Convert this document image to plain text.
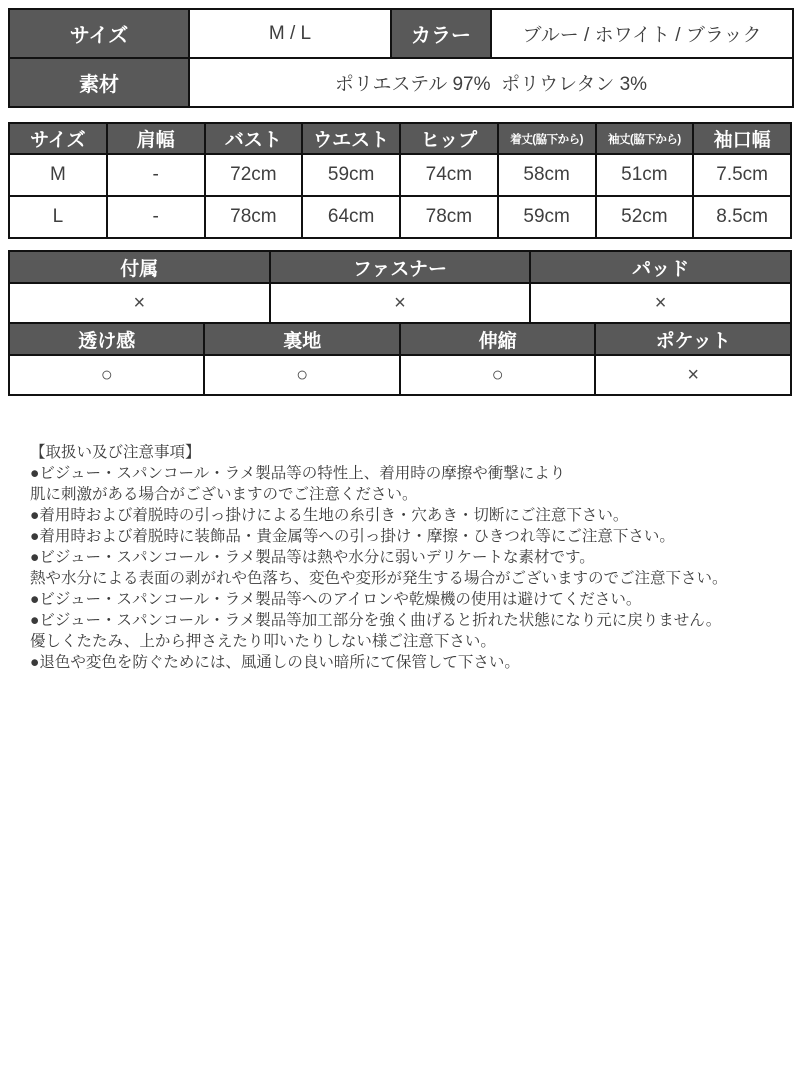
サイズ	M / L	カラー	ブルー / ホワイト / ブラック
素材	ポリエステル 97%  ポリウレタン 3%		
サイズ	肩幅	バスト	ウエスト	ヒップ	着丈(脇下から)	袖丈(脇下から)	袖口幅
M	-	72cm	59cm	74cm	58cm	51cm	7.5cm
L	-	78cm	64cm	78cm	59cm	52cm	8.5cm
付属		ファスナー		パッド	
×		×		×	
透け感	裏地		伸縮		ポケット
○	○		○		×
【取扱い及び注意事項】
●ビジュー・スパンコール・ラメ製品等の特性上、着用時の摩擦や衝撃により
肌に刺激がある場合がございますのでご注意ください。
●着用時および着脱時の引っ掛けによる生地の糸引き・穴あき・切断にご注意下さい。
●着用時および着脱時に装飾品・貴金属等への引っ掛け・摩擦・ひきつれ等にご注意下さい。
●ビジュー・スパンコール・ラメ製品等は熱や水分に弱いデリケートな素材です。
熱や水分による表面の剥がれや色落ち、変色や変形が発生する場合がございますのでご注意下さい。
●ビジュー・スパンコール・ラメ製品等へのアイロンや乾燥機の使用は避けてください。
●ビジュー・スパンコール・ラメ製品等加工部分を強く曲げると折れた状態になり元に戻りません。
優しくたたみ、上から押さえたり叩いたりしない様ご注意下さい。
●退色や変色を防ぐためには、風通しの良い暗所にて保管して下さい。
